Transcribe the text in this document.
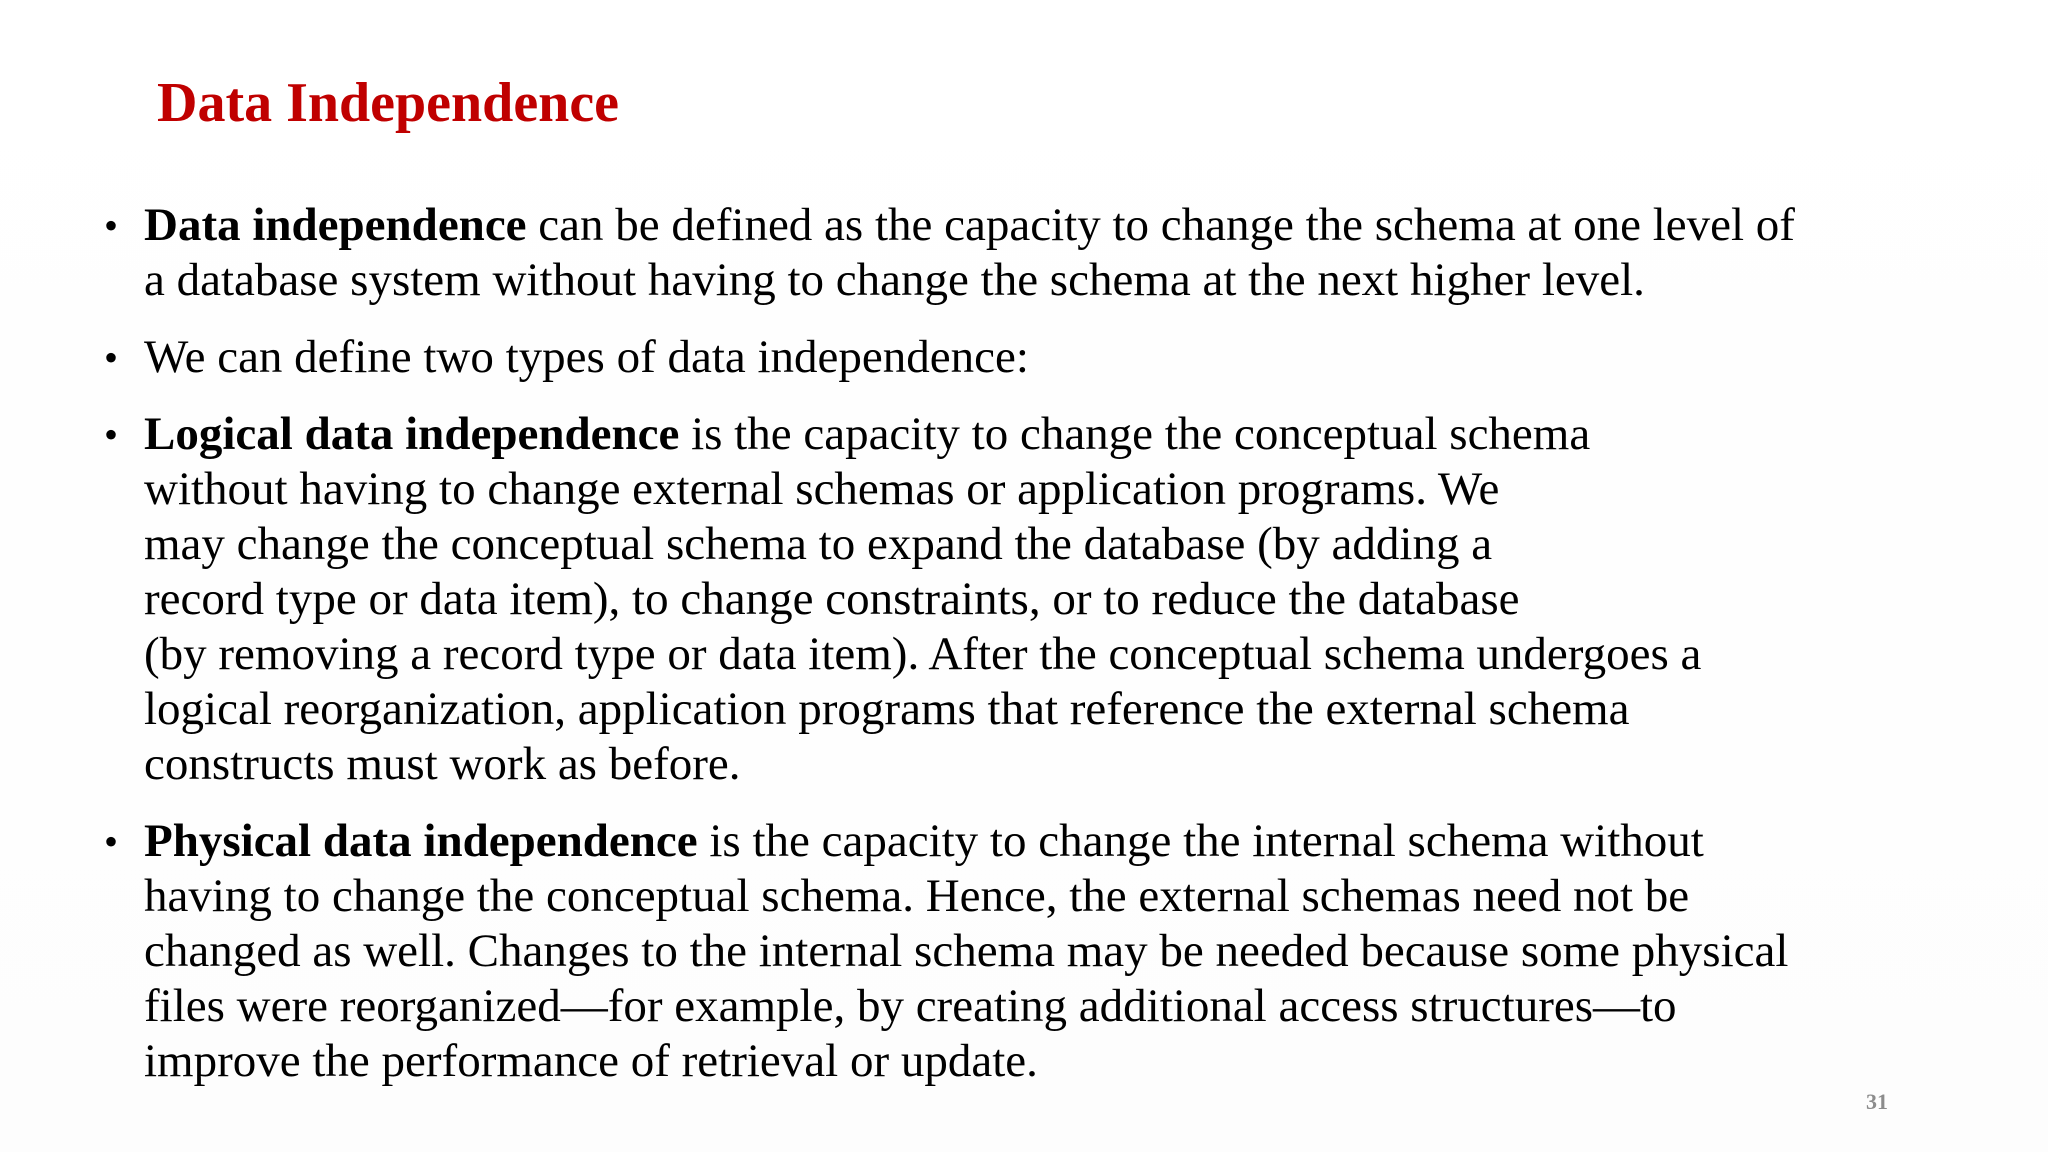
Data Independence
• Data independence can be defined as the capacity to change the schema at one level of
a database system without having to change the schema at the next higher level.
• We can define two types of data independence:
• Logical data independence is the capacity to change the conceptual schema
without having to change external schemas or application programs. We
may change the conceptual schema to expand the database (by adding a
record type or data item), to change constraints, or to reduce the database
(by removing a record type or data item). After the conceptual schema undergoes a
logical reorganization, application programs that reference the external schema
constructs must work as before.
• Physical data independence is the capacity to change the internal schema without
having to change the conceptual schema. Hence, the external schemas need not be
changed as well. Changes to the internal schema may be needed because some physical
files were reorganized—for example, by creating additional access structures—to
improve the performance of retrieval or update.
31
